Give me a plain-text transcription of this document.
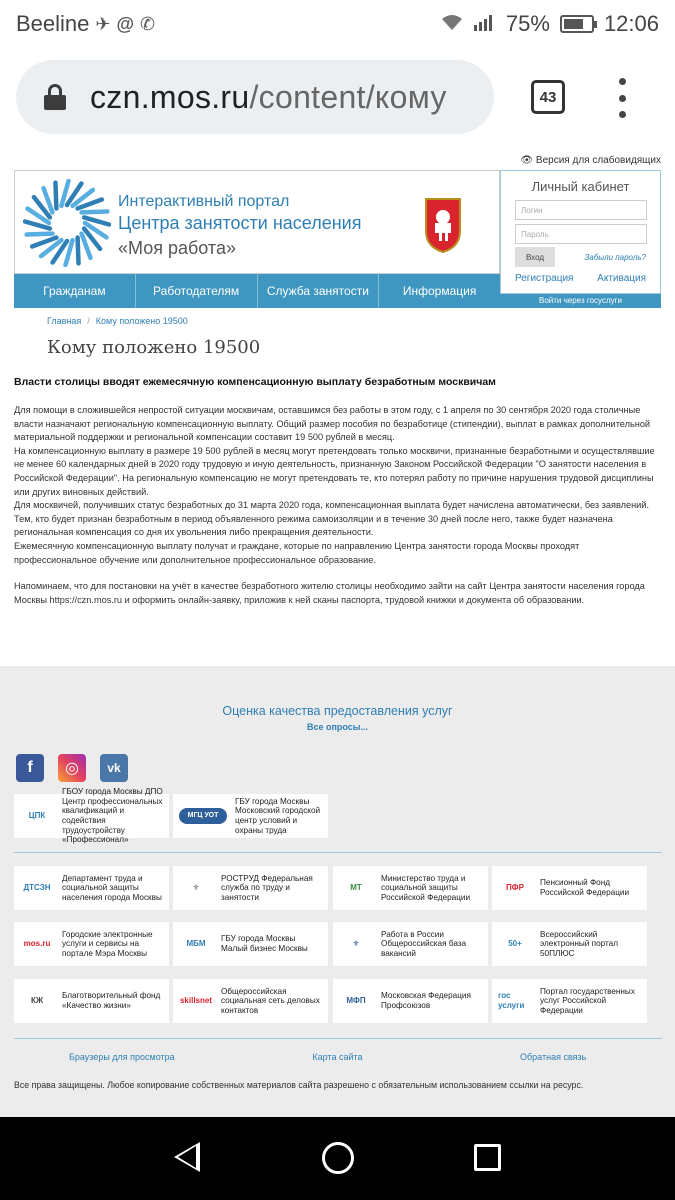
Beeline ✈ @ ✆	75% 12:06
czn.mos.ru/content/кому	43
👁 Версия для слабовидящих
Интерактивный портал
Центра занятости населения
«Моя работа»
Гражданам	Работодателям	Служба занятости	Информация
Личный кабинет
Логин
Пароль
Вход	Забыли пароль?
Регистрация Активация
Войти через госуслуги
Главная / Кому положено 19500
Кому положено 19500
Власти столицы вводят ежемесячную компенсационную выплату безработным москвичам

Для помощи в сложившейся непростой ситуации москвичам, оставшимся без работы в этом году, с 1 апреля по 30 сентября 2020 года столичные власти назначают региональную компенсационную выплату. Общий размер пособия по безработице (стипендии), выплат в рамках дополнительной материальной поддержки и региональной компенсации составит 19 500 рублей в месяц.

На компенсационную выплату в размере 19 500 рублей в месяц могут претендовать только москвичи, признанные безработными и осуществлявшие не менее 60 календарных дней в 2020 году трудовую и иную деятельность, признанную Законом Российской Федерации "О занятости населения в Российской Федерации". На региональную компенсацию не могут претендовать те, кто потерял работу по причине нарушения трудовой дисциплины или других виновных действий.

Для москвичей, получивших статус безработных до 31 марта 2020 года, компенсационная выплата будет начислена автоматически, без заявлений. Тем, кто будет признан безработным в период объявленного режима самоизоляции и в течение 30 дней после него, также будет назначена региональная компенсация со дня их увольнения либо прекращения деятельности.

Ежемесячную компенсационную выплату получат и граждане, которые по направлению Центра занятости города Москвы проходят профессиональное обучение или дополнительное профессиональное образование.

Напоминаем, что для постановки на учёт в качестве безработного жителю столицы необходимо зайти на сайт Центра занятости населения города Москвы https://czn.mos.ru и оформить онлайн-заявку, приложив к ней сканы паспорта, трудовой книжки и документа об образовании.

Оценка качества предоставления услуг
Все опросы...
f	◎	vk
ЦПК
ГБОУ города Москвы ДПО Центр профессиональных квалификаций и содействия трудоустройству «Профессионал»
МГЦ УОТ
ГБУ города Москвы Московский городской центр условий и охраны труда
ДТСЗН
Департамент труда и социальной защиты населения города Москвы
⚜
РОСТРУД Федеральная служба по труду и занятости
МТ
Министерство труда и социальной защиты Российской Федерации
ПФР
Пенсионный Фонд Российской Федерации
mos.ru
Городские электронные услуги и сервисы на портале Мэра Москвы
МБМ
ГБУ города Москвы Малый бизнес Москвы
⚜
Работа в России Общероссийская база вакансий
50+
Всероссийский электронный портал 50ПЛЮС
КЖ
Благотворительный фонд «Качество жизни»
skillsnet
Общероссийская социальная сеть деловых контактов
МФП
Московская Федерация Профсоюзов
гос услуги
Портал государственных услуг Российской Федерации
Браузеры для просмотра	Карта сайта	Обратная связь
Все права защищены. Любое копирование собственных материалов сайта разрешено с обязательным использованием ссылки на ресурс.
